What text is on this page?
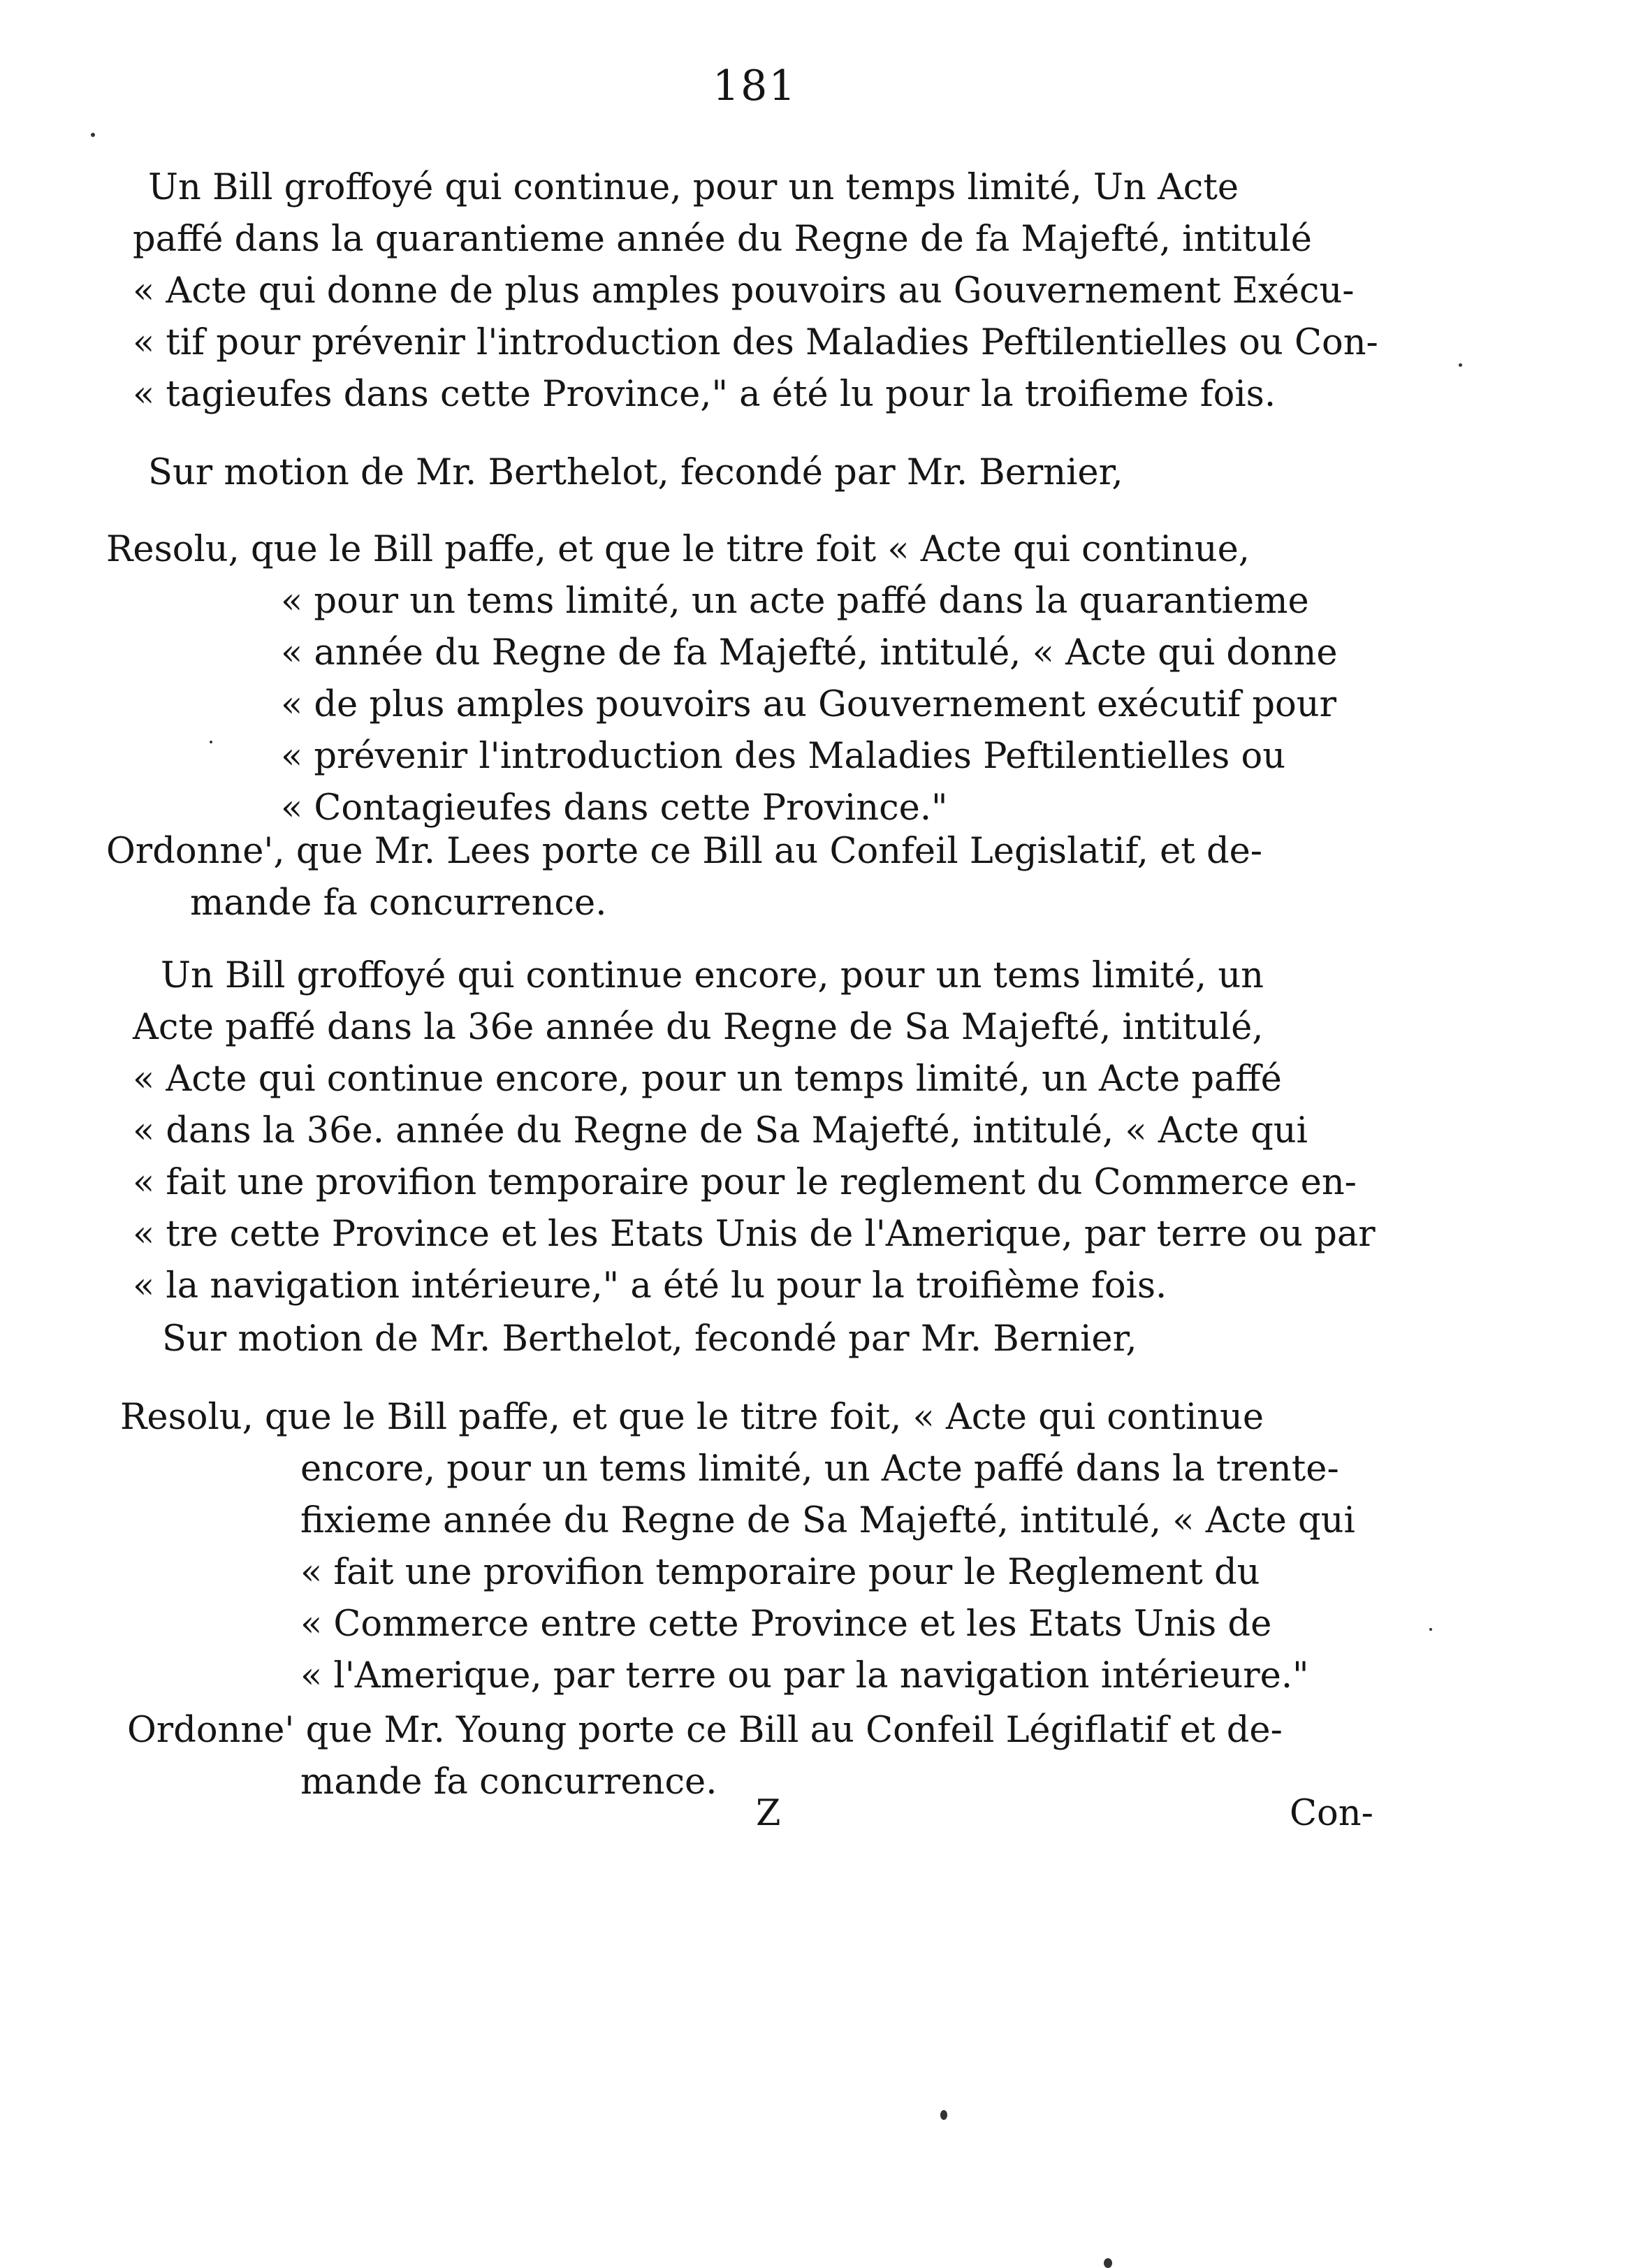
181
Un Bill groffoyé qui continue, pour un temps limité, Un Acte
paffé dans la quarantieme année du Regne de fa Majefté, intitulé
« Acte qui donne de plus amples pouvoirs au Gouvernement Exécu-
« tif pour prévenir l'introduction des Maladies Peftilentielles ou Con-
« tagieufes dans cette Province," a été lu pour la troifieme fois.
Sur motion de Mr. Berthelot, fecondé par Mr. Bernier,
Resolu, que le Bill paffe, et que le titre foit « Acte qui continue,
« pour un tems limité, un acte paffé dans la quarantieme
« année du Regne de fa Majefté, intitulé, « Acte qui donne
« de plus amples pouvoirs au Gouvernement exécutif pour
« prévenir l'introduction des Maladies Peftilentielles ou
« Contagieufes dans cette Province."
Ordonne', que Mr. Lees porte ce Bill au Confeil Legislatif, et de-
mande fa concurrence.
Un Bill groffoyé qui continue encore, pour un tems limité, un
Acte paffé dans la 36e année du Regne de Sa Majefté, intitulé,
« Acte qui continue encore, pour un temps limité, un Acte paffé
« dans la 36e. année du Regne de Sa Majefté, intitulé, « Acte qui
« fait une provifion temporaire pour le reglement du Commerce en-
« tre cette Province et les Etats Unis de l'Amerique, par terre ou par
« la navigation intérieure," a été lu pour la troifième fois.
Sur motion de Mr. Berthelot, fecondé par Mr. Bernier,
Resolu, que le Bill paffe, et que le titre foit, « Acte qui continue
encore, pour un tems limité, un Acte paffé dans la trente-
fixieme année du Regne de Sa Majefté, intitulé, « Acte qui
« fait une provifion temporaire pour le Reglement du
« Commerce entre cette Province et les Etats Unis de
« l'Amerique, par terre ou par la navigation intérieure."
Ordonne' que Mr. Young porte ce Bill au Confeil Légiflatif et de-
mande fa concurrence.
Z	Con-
